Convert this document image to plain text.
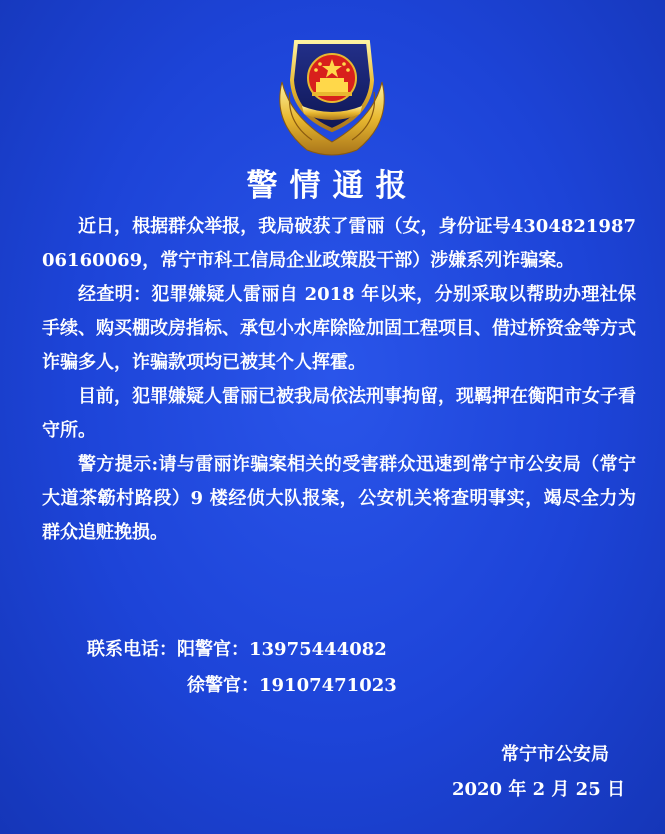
警情通报

近日，根据群众举报，我局破获了雷丽（女，身份证号430482198706160069，常宁市科工信局企业政策股干部）涉嫌系列诈骗案。

经查明：犯罪嫌疑人雷丽自 2018 年以来，分别采取以帮助办理社保手续、购买棚改房指标、承包小水库除险加固工程项目、借过桥资金等方式诈骗多人，诈骗款项均已被其个人挥霍。

目前，犯罪嫌疑人雷丽已被我局依法刑事拘留，现羁押在衡阳市女子看守所。

警方提示:请与雷丽诈骗案相关的受害群众迅速到常宁市公安局（常宁大道茶簕村路段）9 楼经侦大队报案，公安机关将查明事实，竭尽全力为群众追赃挽损。

联系电话：阳警官：13975444082
徐警官：19107471023
常宁市公安局
2020 年 2 月 25 日
